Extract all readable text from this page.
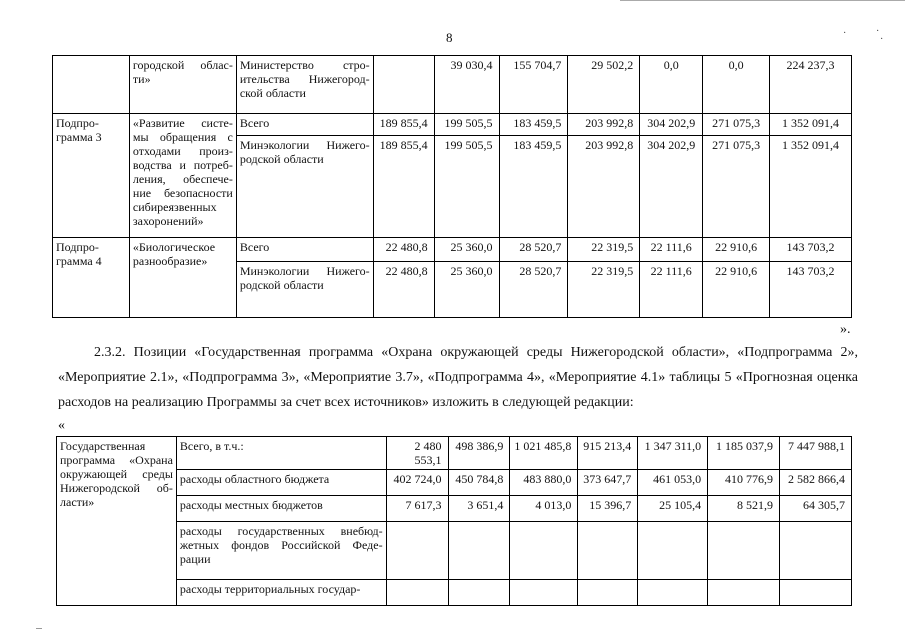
·	·
·
8
	городской облас-ти»	Министерство стро-ительства Нижегород-ской области		39 030,4	155 704,7	29 502,2	0,0	0,0	224 237,3
Подпро-грамма 3	«Развитие систе-мы обращения с отходами произ-водства и потреб-ления, обеспече-ние безопасности сибиреязвенных захоронений»	Всего	189 855,4	199 505,5	183 459,5	203 992,8	304 202,9	271 075,3	1 352 091,4
		Минэкологии Нижего-родской области	189 855,4	199 505,5	183 459,5	203 992,8	304 202,9	271 075,3	1 352 091,4
Подпро-грамма 4	«Биологическое разнообразие»	Всего	22 480,8	25 360,0	28 520,7	22 319,5	22 111,6	22 910,6	143 703,2
		Минэкологии Нижего-родской области	22 480,8	25 360,0	28 520,7	22 319,5	22 111,6	22 910,6	143 703,2
».

2.3.2. Позиции «Государственная программа «Охрана окружающей среды Нижегородской области», «Подпрограмма 2», «Мероприятие 2.1», «Подпрограмма 3», «Мероприятие 3.7», «Подпрограмма 4», «Мероприятие 4.1» таблицы 5 «Прогнозная оценка расходов на реализацию Программы за счет всех источников» изложить в следующей редакции:

«
Государственная программа «Охрана окружающей среды Нижегородской об-ласти»	Всего, в т.ч.:	2 480 553,1	498 386,9	1 021 485,8	915 213,4	1 347 311,0	1 185 037,9	7 447 988,1
	расходы областного бюджета	402 724,0	450 784,8	483 880,0	373 647,7	461 053,0	410 776,9	2 582 866,4
	расходы местных бюджетов	7 617,3	3 651,4	4 013,0	15 396,7	25 105,4	8 521,9	64 305,7
	расходы государственных внебюд-жетных фондов Российской Феде-рации							
	расходы территориальных государ-							
